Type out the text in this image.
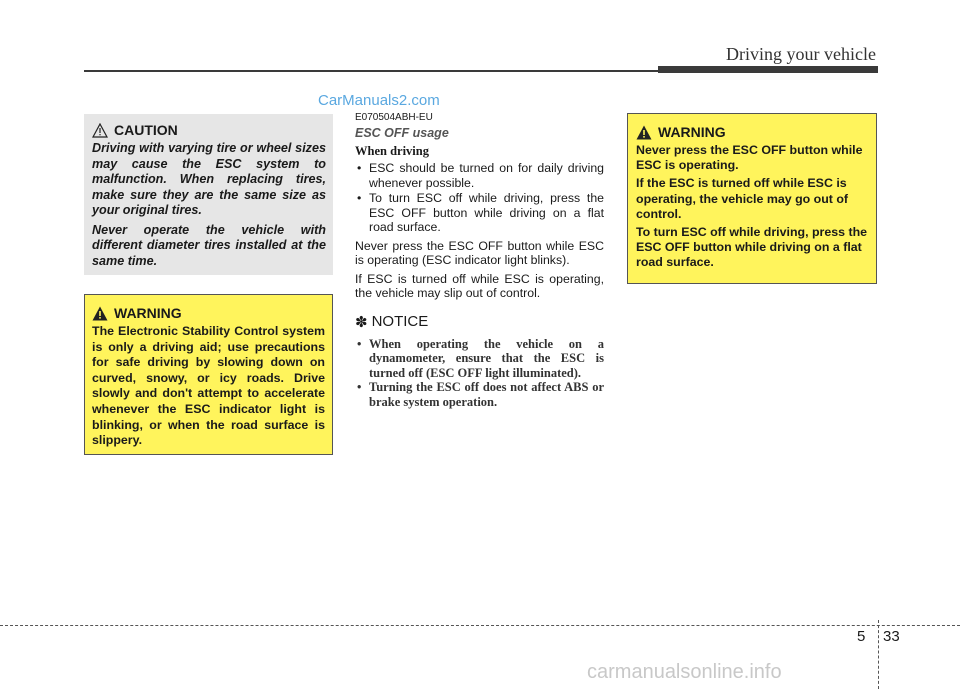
Driving your vehicle
CarManuals2.com
CAUTION

Driving with varying tire or wheel sizes may cause the ESC system to malfunction. When replacing tires, make sure they are the same size as your original tires.

Never operate the vehicle with different diameter tires installed at the same time.

WARNING

The Electronic Stability Control system is only a driving aid; use precautions for safe driving by slowing down on curved, snowy, or icy roads. Drive slowly and don't attempt to accelerate whenever the ESC indicator light is blinking, or when the road surface is slippery.

E070504ABH-EU
ESC OFF usage
When driving
• ESC should be turned on for daily driving whenever possible.
• To turn ESC off while driving, press the ESC OFF button while driving on a flat road surface.

Never press the ESC OFF button while ESC is operating (ESC indicator light blinks).

If ESC is turned off while ESC is operating, the vehicle may slip out of control.

✽ NOTICE
• When operating the vehicle on a dynamometer, ensure that the ESC is turned off (ESC OFF light illuminated).
• Turning the ESC off does not affect ABS or brake system operation.
WARNING

Never press the ESC OFF button while ESC is operating.

If the ESC is turned off while ESC is operating, the vehicle may go out of control.

To turn ESC off while driving, press the ESC OFF button while driving on a flat road surface.

5 33
carmanualsonline.info
